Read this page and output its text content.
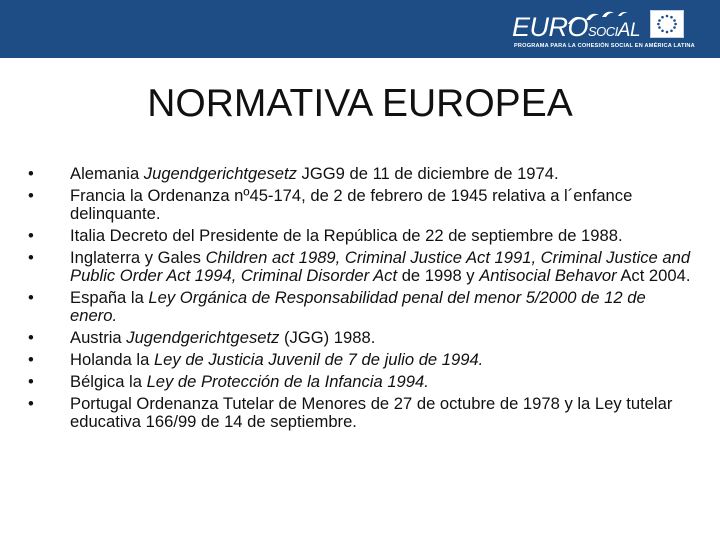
EUROsociAL
PROGRAMA PARA LA COHESIÓN SOCIAL EN AMÉRICA LATINA
NORMATIVA EUROPEA
• Alemania Jugendgerichtgesetz JGG9 de 11 de diciembre de 1974.
• Francia la Ordenanza nº45-174, de 2 de febrero de 1945 relativa a l´enfance delinquante.
• Italia Decreto del Presidente de la República de 22 de septiembre de 1988.
• Inglaterra y Gales Children act 1989, Criminal Justice Act 1991, Criminal Justice and Public Order Act 1994, Criminal Disorder Act de 1998 y Antisocial Behavor Act 2004.
• España la Ley Orgánica de Responsabilidad penal del menor 5/2000 de 12 de enero.
• Austria Jugendgerichtgesetz (JGG) 1988.
• Holanda la Ley de Justicia Juvenil de 7 de julio de 1994.
• Bélgica la Ley de Protección de la Infancia 1994.
• Portugal Ordenanza Tutelar de Menores de 27 de octubre de 1978 y la Ley tutelar educativa 166/99 de 14 de septiembre.
